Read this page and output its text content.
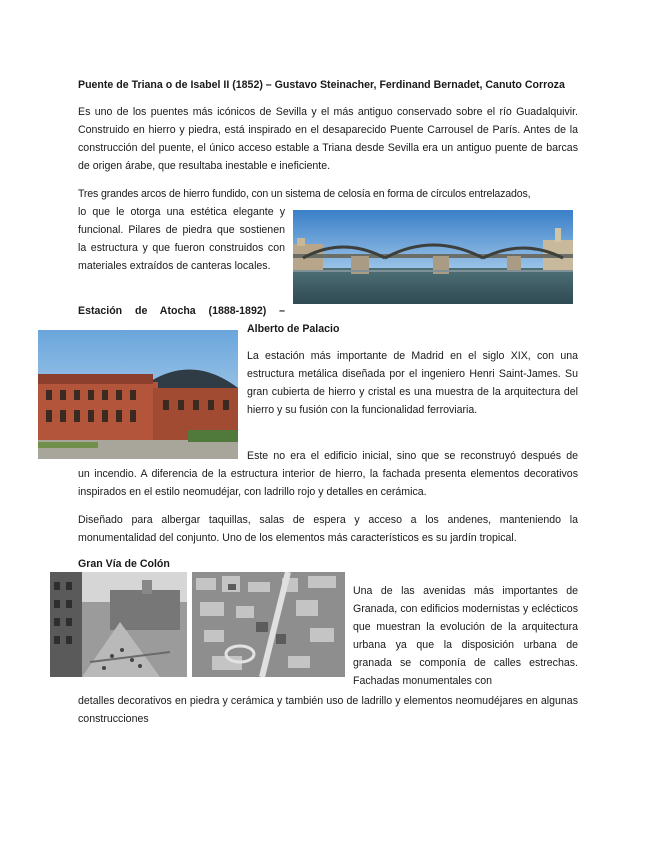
Puente de Triana o de Isabel II (1852) – Gustavo Steinacher, Ferdinand Bernadet, Canuto Corroza

Es uno de los puentes más icónicos de Sevilla y el más antiguo conservado sobre el río Guadalquivir. Construido en hierro y piedra, está inspirado en el desaparecido Puente Carrousel de París. Antes de la construcción del puente, el único acceso estable a Triana desde Sevilla era un antiguo puente de barcas de origen árabe, que resultaba inestable e ineficiente.

Tres grandes arcos de hierro fundido, con un sistema de celosía en forma de círculos entrelazados,

lo que le otorga una estética elegante y funcional. Pilares de piedra que sostienen la estructura y que fueron construidos con materiales extraídos de canteras locales.

Estación de Atocha (1888-1892) –

Alberto de Palacio

La estación más importante de Madrid en el siglo XIX, con una estructura metálica diseñada por el ingeniero Henri Saint-James. Su gran cubierta de hierro y cristal es una muestra de la arquitectura del hierro y su fusión con la funcionalidad ferroviaria.

Este no era el edificio inicial, sino que se reconstruyó después de

un incendio. A diferencia de la estructura interior de hierro, la fachada presenta elementos decorativos inspirados en el estilo neomudéjar, con ladrillo rojo y detalles en cerámica.

Diseñado para albergar taquillas, salas de espera y acceso a los andenes, manteniendo la monumentalidad del conjunto. Uno de los elementos más característicos es su jardín tropical.

Gran Vía de Colón

Una de las avenidas más importantes de Granada, con edificios modernistas y eclécticos que muestran la evolución de la arquitectura urbana ya que la disposición urbana de granada se componía de calles estrechas. Fachadas monumentales con

detalles decorativos en piedra y cerámica y también uso de ladrillo y elementos neomudéjares en algunas construcciones
